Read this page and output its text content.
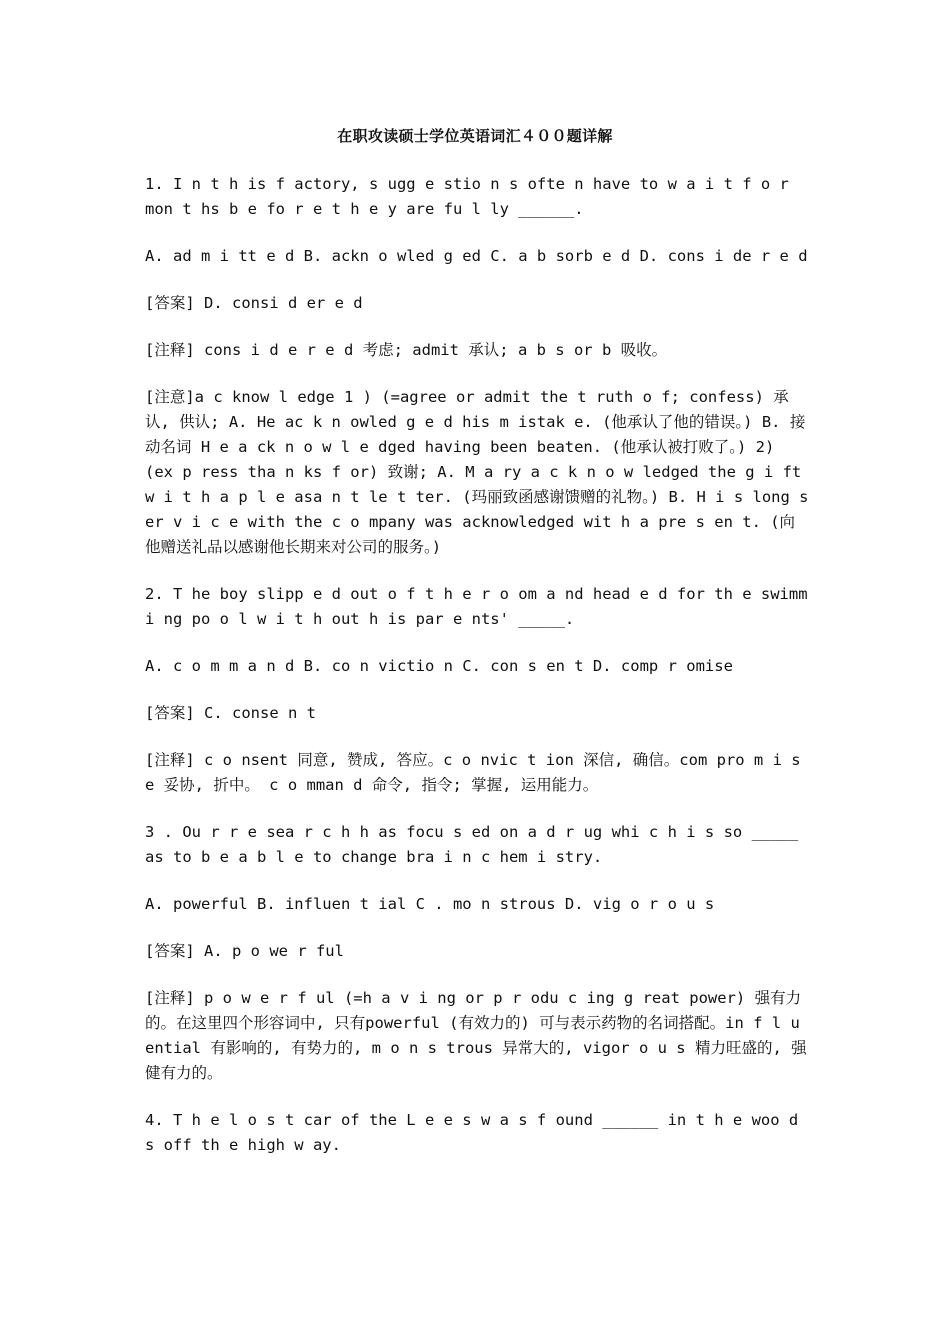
在职攻读硕士学位英语词汇４００题详解

1. I n t h is f actory, s ugg e stio n s ofte n have to w a i t f o r mon t hs b e fo r e t h e y are fu l ly ______.

A. ad m i tt e d B. ackn o wled g ed C. a b sorb e d D. cons i de r e d

[答案] D. consi d er e d

[注释] cons i d e r e d 考虑; admit 承认; a b s or b 吸收。

[注意]a c know l edge 1 ) (=agree or admit the t ruth o f; confess) 承认, 供认; A. He ac k n owled g e d his m istak e. (他承认了他的错误。) B. 接动名词 H e a ck n o w l e dged having been beaten. (他承认被打败了。) 2) (ex p ress tha n ks f or) 致谢; A. M a ry a c k n o w ledged the g i ft w i t h a p l e asa n t le t ter. (玛丽致函感谢馈赠的礼物。) B. H i s long s er v i c e with the c o mpany was acknowledged wit h a pre s en t. (向他赠送礼品以感谢他长期来对公司的服务。)

2. T he boy slipp e d out o f t h e r o om a nd head e d for th e swimm i ng po o l w i t h out h is par e nts' _____.

A. c o m m a n d B. co n victio n C. con s en t D. comp r omise

[答案] C. conse n t

[注释] c o nsent 同意, 赞成, 答应。c o nvic t ion 深信, 确信。com pro m i s e 妥协, 折中。 c o mman d 命令, 指令; 掌握, 运用能力。

3 . Ou r r e sea r c h h as focu s ed on a d r ug whi c h i s so _____ as to b e a b l e to change bra i n c hem i stry.

A. powerful B. influen t ial C . mo n strous D. vig o r o u s

[答案] A. p o we r ful

[注释] p o w e r f ul (=h a v i ng or p r odu c ing g reat power) 强有力的。在这里四个形容词中, 只有powerful (有效力的) 可与表示药物的名词搭配。in f l u ential 有影响的, 有势力的, m o n s trous 异常大的, vigor o u s 精力旺盛的, 强健有力的。

4. T h e l o s t car of the L e e s w a s f ound ______ in t h e woo d s off th e high w ay.
